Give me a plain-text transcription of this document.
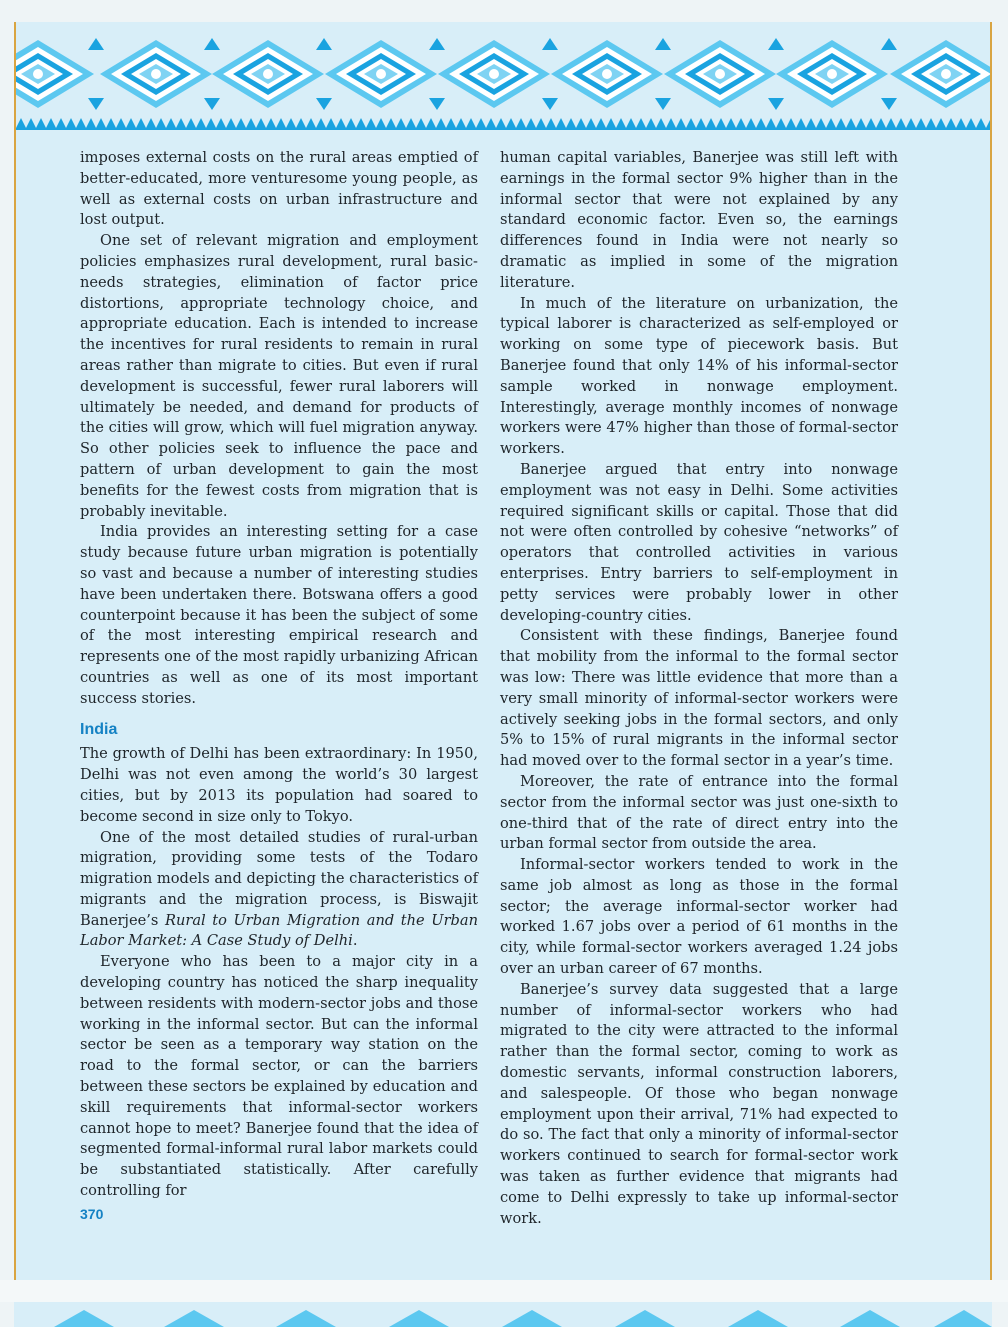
imposes external costs on the rural areas emptied of better-educated, more venturesome young people, as well as external costs on urban infrastructure and lost output.

One set of relevant migration and employment policies emphasizes rural development, rural basic-needs strategies, elimination of factor price distortions, appropriate technology choice, and appropriate education. Each is intended to increase the incentives for rural residents to remain in rural areas rather than migrate to cities. But even if rural development is successful, fewer rural laborers will ultimately be needed, and demand for products of the cities will grow, which will fuel migration anyway. So other policies seek to influence the pace and pattern of urban development to gain the most benefits for the fewest costs from migration that is probably inevitable.

India provides an interesting setting for a case study because future urban migration is potentially so vast and because a number of interesting studies have been undertaken there. Botswana offers a good counterpoint because it has been the subject of some of the most interesting empirical research and represents one of the most rapidly urbanizing African countries as well as one of its most important success stories.

India

The growth of Delhi has been extraordinary: In 1950, Delhi was not even among the world’s 30 largest cities, but by 2013 its population had soared to become second in size only to Tokyo.

One of the most detailed studies of rural-urban migration, providing some tests of the Todaro migration models and depicting the characteristics of migrants and the migration process, is Biswajit Banerjee’s Rural to Urban Migration and the Urban Labor Market: A Case Study of Delhi.

Everyone who has been to a major city in a developing country has noticed the sharp inequality between residents with modern-sector jobs and those working in the informal sector. But can the informal sector be seen as a temporary way station on the road to the formal sector, or can the barriers between these sectors be explained by education and skill requirements that informal-sector workers cannot hope to meet? Banerjee found that the idea of segmented formal-informal rural labor markets could be substantiated statistically. After carefully controlling for

human capital variables, Banerjee was still left with earnings in the formal sector 9% higher than in the informal sector that were not explained by any standard economic factor. Even so, the earnings differences found in India were not nearly so dramatic as implied in some of the migration literature.

In much of the literature on urbanization, the typical laborer is characterized as self-employed or working on some type of piecework basis. But Banerjee found that only 14% of his informal-sector sample worked in nonwage employment. Interestingly, average monthly incomes of nonwage workers were 47% higher than those of formal-sector workers.

Banerjee argued that entry into nonwage employment was not easy in Delhi. Some activities required significant skills or capital. Those that did not were often controlled by cohesive “networks” of operators that controlled activities in various enterprises. Entry barriers to self-employment in petty services were probably lower in other developing-country cities.

Consistent with these findings, Banerjee found that mobility from the informal to the formal sector was low: There was little evidence that more than a very small minority of informal-sector workers were actively seeking jobs in the formal sectors, and only 5% to 15% of rural migrants in the informal sector had moved over to the formal sector in a year’s time.

Moreover, the rate of entrance into the formal sector from the informal sector was just one-sixth to one-third that of the rate of direct entry into the urban formal sector from outside the area.

Informal-sector workers tended to work in the same job almost as long as those in the formal sector; the average informal-sector worker had worked 1.67 jobs over a period of 61 months in the city, while formal-sector workers averaged 1.24 jobs over an urban career of 67 months.

Banerjee’s survey data suggested that a large number of informal-sector workers who had migrated to the city were attracted to the informal rather than the formal sector, coming to work as domestic servants, informal construction laborers, and salespeople. Of those who began nonwage employment upon their arrival, 71% had expected to do so. The fact that only a minority of informal-sector workers continued to search for formal-sector work was taken as further evidence that migrants had come to Delhi expressly to take up informal-sector work.

370
